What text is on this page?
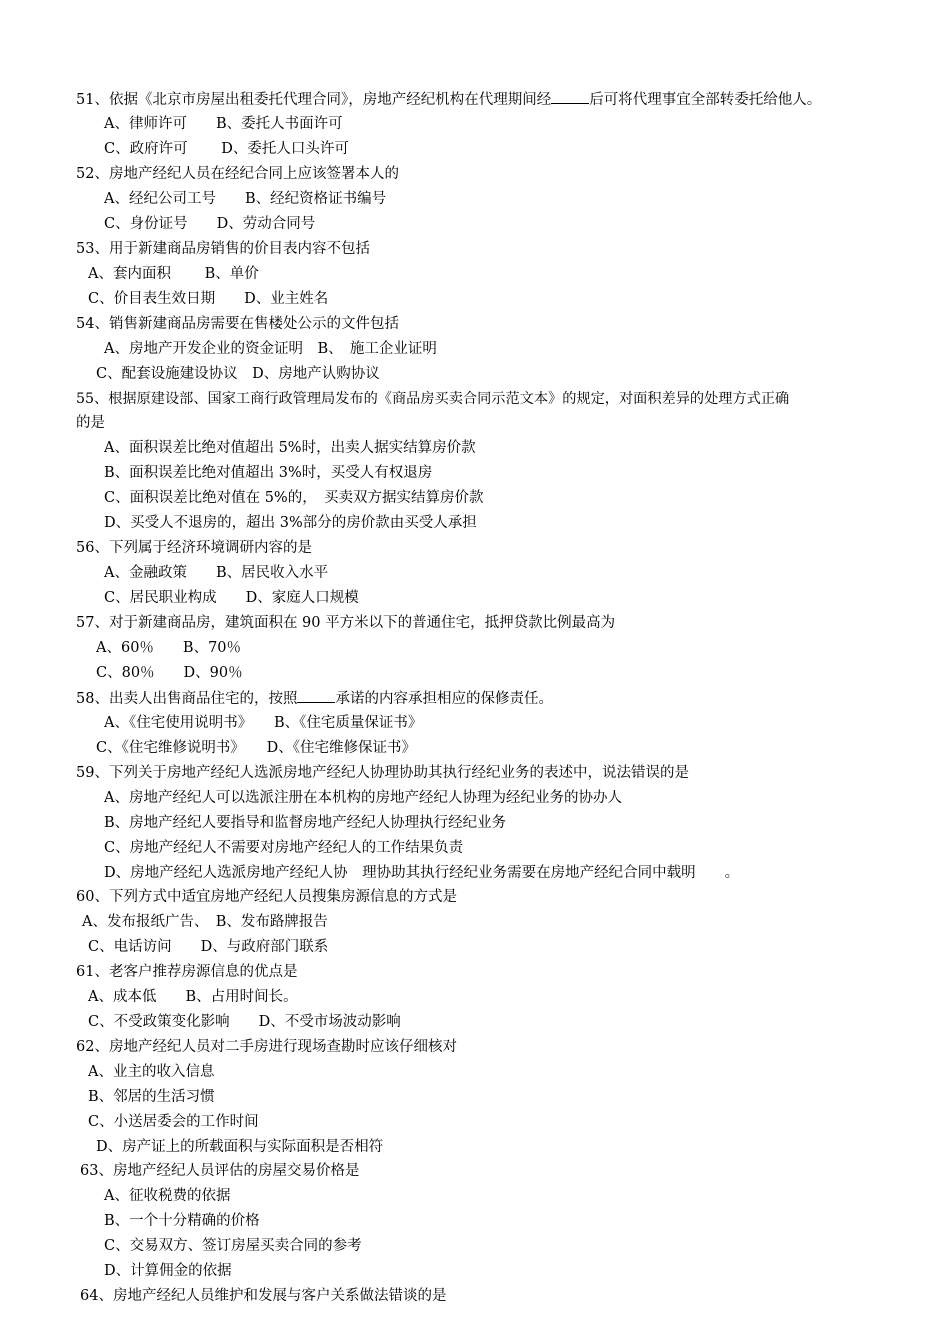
51、依据《北京市房屋出租委托代理合同》，房地产经纪机构在代理期间经	后可将代理事宜全部转委托给他人。
A、律师许可　　B、委托人书面许可
C、政府许可　　 D、委托人口头许可
52、房地产经纪人员在经纪合同上应该签署本人的
A、经纪公司工号　　B、经纪资格证书编号
C、身份证号　　D、劳动合同号
53、用于新建商品房销售的价目表内容不包括
A、套内面积　　 B、单价
C、价目表生效日期　　D、业主姓名
54、销售新建商品房需要在售楼处公示的文件包括
A、房地产开发企业的资金证明　B、　施工企业证明
C、配套设施建设协议　D、房地产认购协议
55、根据原建设部、国家工商行政管理局发布的《商品房买卖合同示范文本》的规定，对面积差异的处理方式正确
的是
A、面积误差比绝对值超出 5%时，出卖人据实结算房价款
B、面积误差比绝对值超出 3%时，买受人有权退房
C、面积误差比绝对值在 5%的，　买卖双方据实结算房价款
D、买受人不退房的，超出 3%部分的房价款由买受人承担
56、下列属于经济环境调研内容的是
A、金融政策　　B、居民收入水平
C、居民职业构成　　D、家庭人口规模
57、对于新建商品房，建筑面积在 90 平方米以下的普通住宅，抵押贷款比例最高为
A、60％　　B、70％
C、80％　　D、90％
58、出卖人出售商品住宅的，按照	承诺的内容承担相应的保修责任。
A、《住宅使用说明书》　　B、《住宅质量保证书》
C、《住宅维修说明书》　　D、《住宅维修保证书》
59、下列关于房地产经纪人选派房地产经纪人协理协助其执行经纪业务的表述中，说法错误的是
A、房地产经纪人可以选派注册在本机构的房地产经纪人协理为经纪业务的协办人
B、房地产经纪人要指导和监督房地产经纪人协理执行经纪业务
C、房地产经纪人不需要对房地产经纪人的工作结果负责
D、房地产经纪人选派房地产经纪人协　理协助其执行经纪业务需要在房地产经纪合同中载明　　。
60、下列方式中适宜房地产经纪人员搜集房源信息的方式是
A、发布报纸广告、　B、发布路牌报告
C、电话访问　　D、与政府部门联系
61、老客户推荐房源信息的优点是
A、成本低　　B、占用时间长。
C、不受政策变化影响　　D、不受市场波动影响
62、房地产经纪人员对二手房进行现场查勘时应该仔细核对
A、业主的收入信息
B、邻居的生活习惯
C、小送居委会的工作时间
D、房产证上的所载面积与实际面积是否相符
63、房地产经纪人员评估的房屋交易价格是
A、征收税费的依据
B、一个十分精确的价格
C、交易双方、签订房屋买卖合同的参考
D、计算佣金的依据
64、房地产经纪人员维护和发展与客户关系做法错谈的是
